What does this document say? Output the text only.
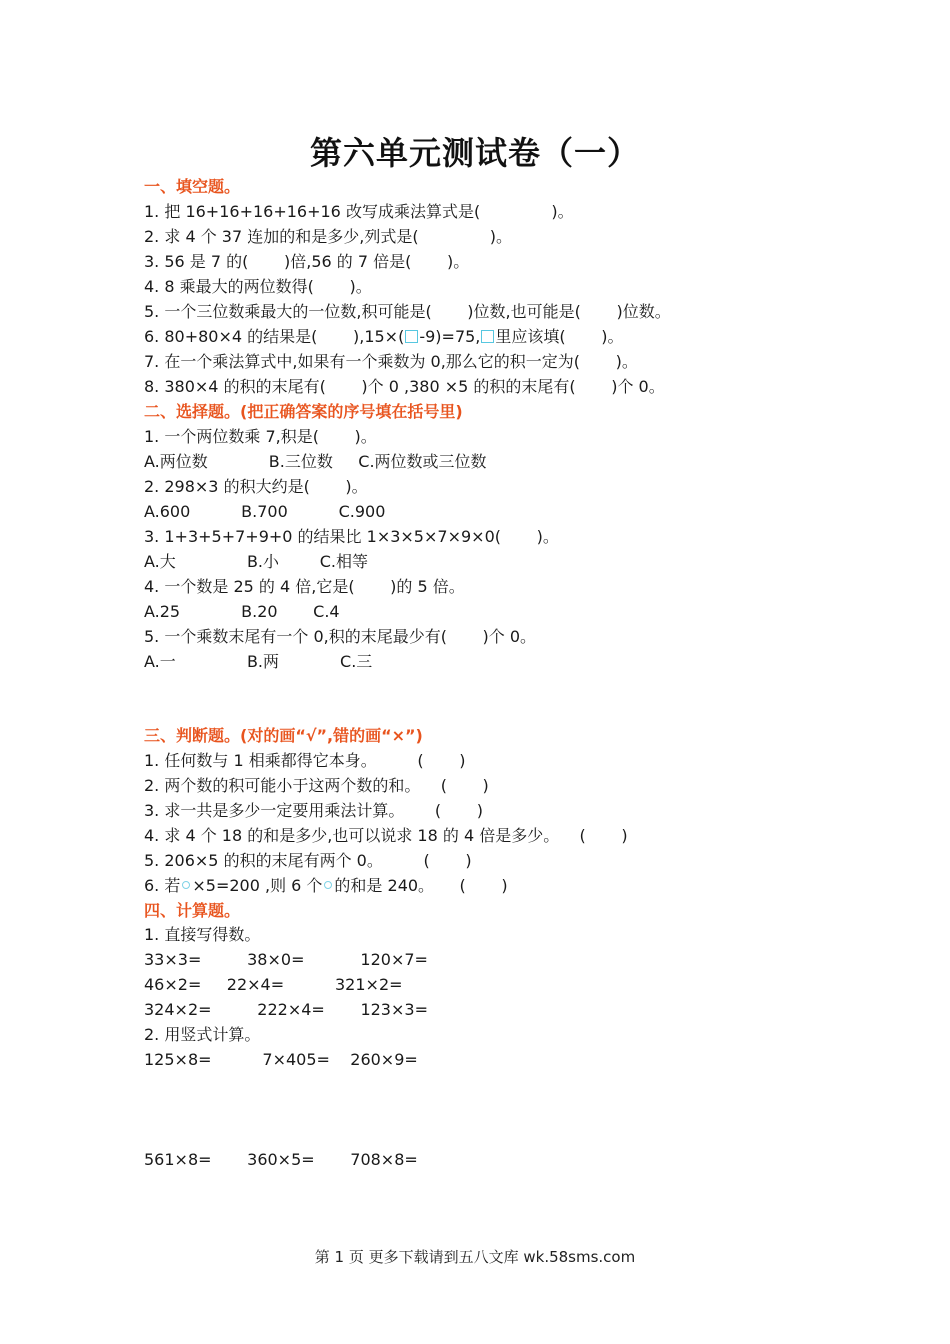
第六单元测试卷（一）
一、填空题。
1. 把 16+16+16+16+16 改写成乘法算式是(              )。
2. 求 4 个 37 连加的和是多少,列式是(              )。
3. 56 是 7 的(       )倍,56 的 7 倍是(       )。
4. 8 乘最大的两位数得(       )。
5. 一个三位数乘最大的一位数,积可能是(       )位数,也可能是(       )位数。
6. 80+80×4 的结果是(       ),15×( -9)=75, 里应该填(       )。
7. 在一个乘法算式中,如果有一个乘数为 0,那么它的积一定为(       )。
8. 380×4 的积的末尾有(       )个 0 ,380 ×5 的积的末尾有(       )个 0。
二、选择题。(把正确答案的序号填在括号里)
1. 一个两位数乘 7,积是(       )。
A.两位数            B.三位数     C.两位数或三位数
2. 298×3 的积大约是(       )。
A.600          B.700          C.900
3. 1+3+5+7+9+0 的结果比 1×3×5×7×9×0(       )。
A.大              B.小        C.相等
4. 一个数是 25 的 4 倍,它是(       )的 5 倍。
A.25            B.20       C.4
5. 一个乘数末尾有一个 0,积的末尾最少有(       )个 0。
A.一              B.两            C.三
三、判断题。(对的画“√”,错的画“×”)
1. 任何数与 1 相乘都得它本身。        (       )
2. 两个数的积可能小于这两个数的和。    (       )
3. 求一共是多少一定要用乘法计算。      (       )
4. 求 4 个 18 的和是多少,也可以说求 18 的 4 倍是多少。    (       )
5. 206×5 的积的末尾有两个 0。        (       )
6. 若 ×5=200 ,则 6 个 的和是 240。     (       )
四、计算题。
1. 直接写得数。
33×3=         38×0=           120×7=
46×2=     22×4=          321×2=
324×2=         222×4=       123×3=
2. 用竖式计算。
125×8=          7×405=    260×9=
561×8=       360×5=       708×8=
第 1 页 更多下载请到五八文库 wk.58sms.com
